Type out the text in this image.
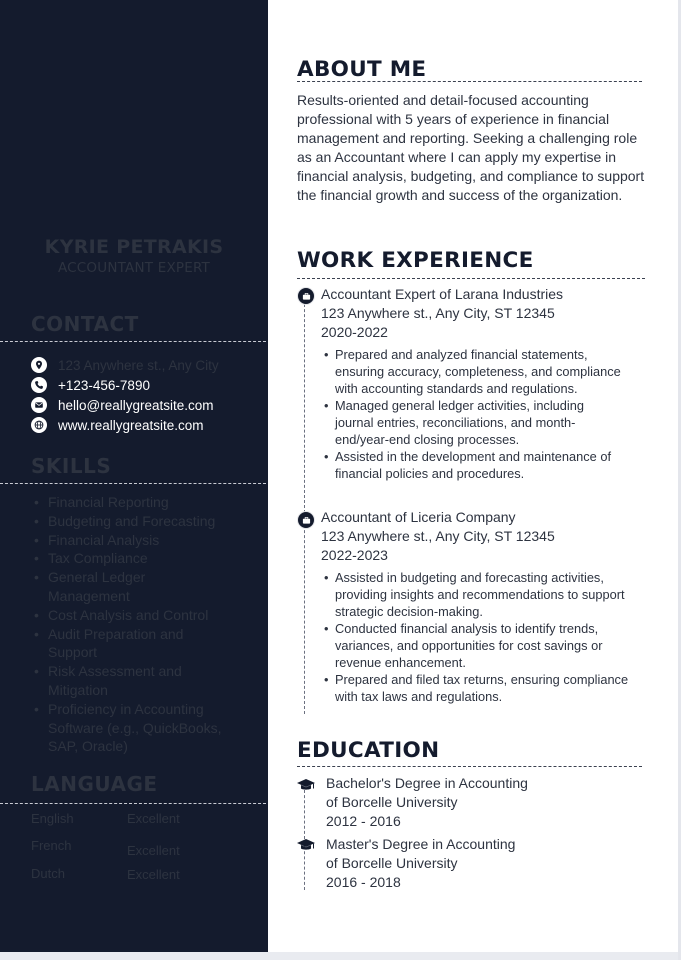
KYRIE PETRAKIS
ACCOUNTANT EXPERT
CONTACT
123 Anywhere st., Any City
+123-456-7890
hello@reallygreatsite.com
www.reallygreatsite.com
SKILLS
• Financial Reporting
• Budgeting and Forecasting
• Financial Analysis
• Tax Compliance
• General Ledger Management
• Cost Analysis and Control
• Audit Preparation and Support
• Risk Assessment and Mitigation
• Proficiency in Accounting Software (e.g., QuickBooks, SAP, Oracle)
LANGUAGE
English	Excellent
French	Excellent
Dutch	Excellent
ABOUT ME

Results-oriented and detail-focused accounting professional with 5 years of experience in financial management and reporting. Seeking a challenging role as an Accountant where I can apply my expertise in financial analysis, budgeting, and compliance to support the financial growth and success of the organization.

WORK EXPERIENCE
Accountant Expert of Larana Industries
123 Anywhere st., Any City, ST 12345
2020-2022
• Prepared and analyzed financial statements, ensuring accuracy, completeness, and compliance with accounting standards and regulations.
• Managed general ledger activities, including journal entries, reconciliations, and month-end/year-end closing processes.
• Assisted in the development and maintenance of financial policies and procedures.
Accountant of Liceria Company
123 Anywhere st., Any City, ST 12345
2022-2023
• Assisted in budgeting and forecasting activities, providing insights and recommendations to support strategic decision-making.
• Conducted financial analysis to identify trends, variances, and opportunities for cost savings or revenue enhancement.
• Prepared and filed tax returns, ensuring compliance with tax laws and regulations.
EDUCATION
Bachelor's Degree in Accounting
of Borcelle University
2012 - 2016
Master's Degree in Accounting
of Borcelle University
2016 - 2018
